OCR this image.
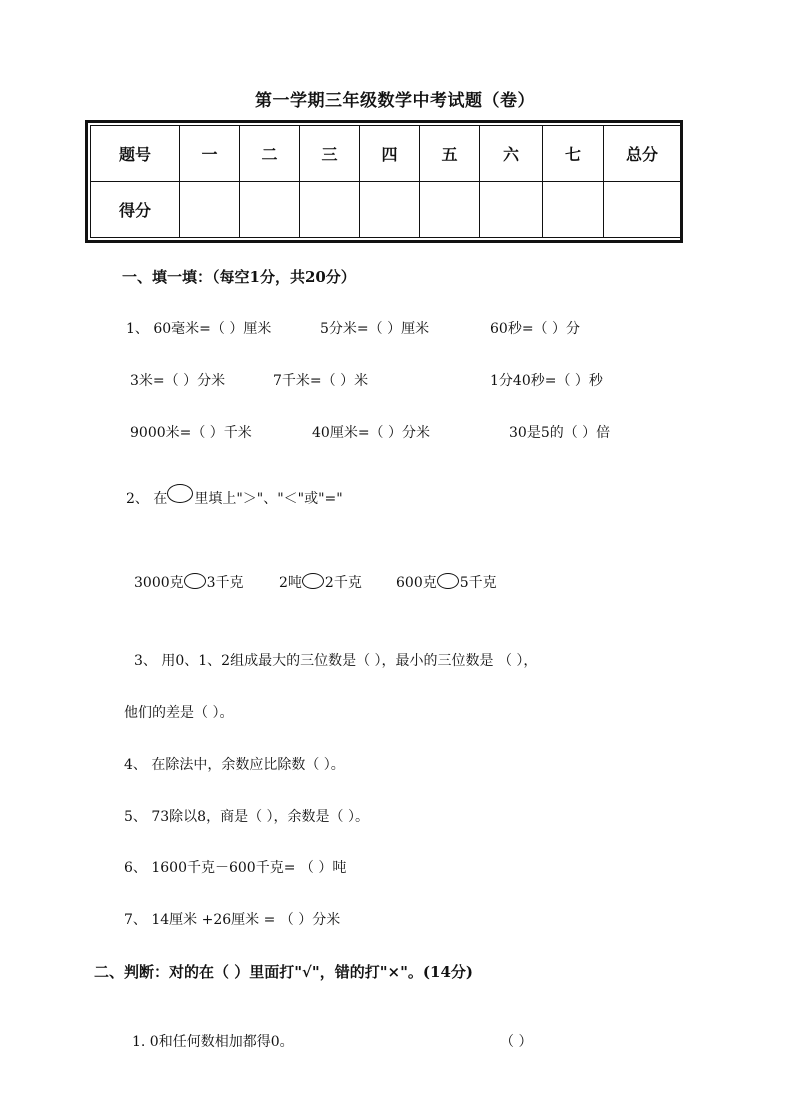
第一学期三年级数学中考试题（卷）
题号	一	二	三	四	五	六	七	总分
得分								
一、填一填：（每空1分，共20分）
1、 60毫米=（ ）厘米	5分米=（ ）厘米	60秒=（ ）分
3米=（ ）分米	7千米=（ ）米	1分40秒=（ ）秒
9000米=（ ）千米	40厘米=（ ）分米	30是5的（ ）倍
2、 在 里填上"＞"、"＜"或"="
3000克 3千克	2吨 2千克 600克 5千克
3、 用0、1、2组成最大的三位数是（ ），最小的三位数是 （ ），
他们的差是（ ）。
4、 在除法中，余数应比除数（ ）。
5、 73除以8，商是（ ），余数是（ ）。
6、 1600千克－600千克= （ ）吨
7、 14厘米 +26厘米 = （ ）分米
二、判断：对的在（ ）里面打"√"，错的打"×"。(14分)
1. 0和任何数相加都得0。	（ ）
